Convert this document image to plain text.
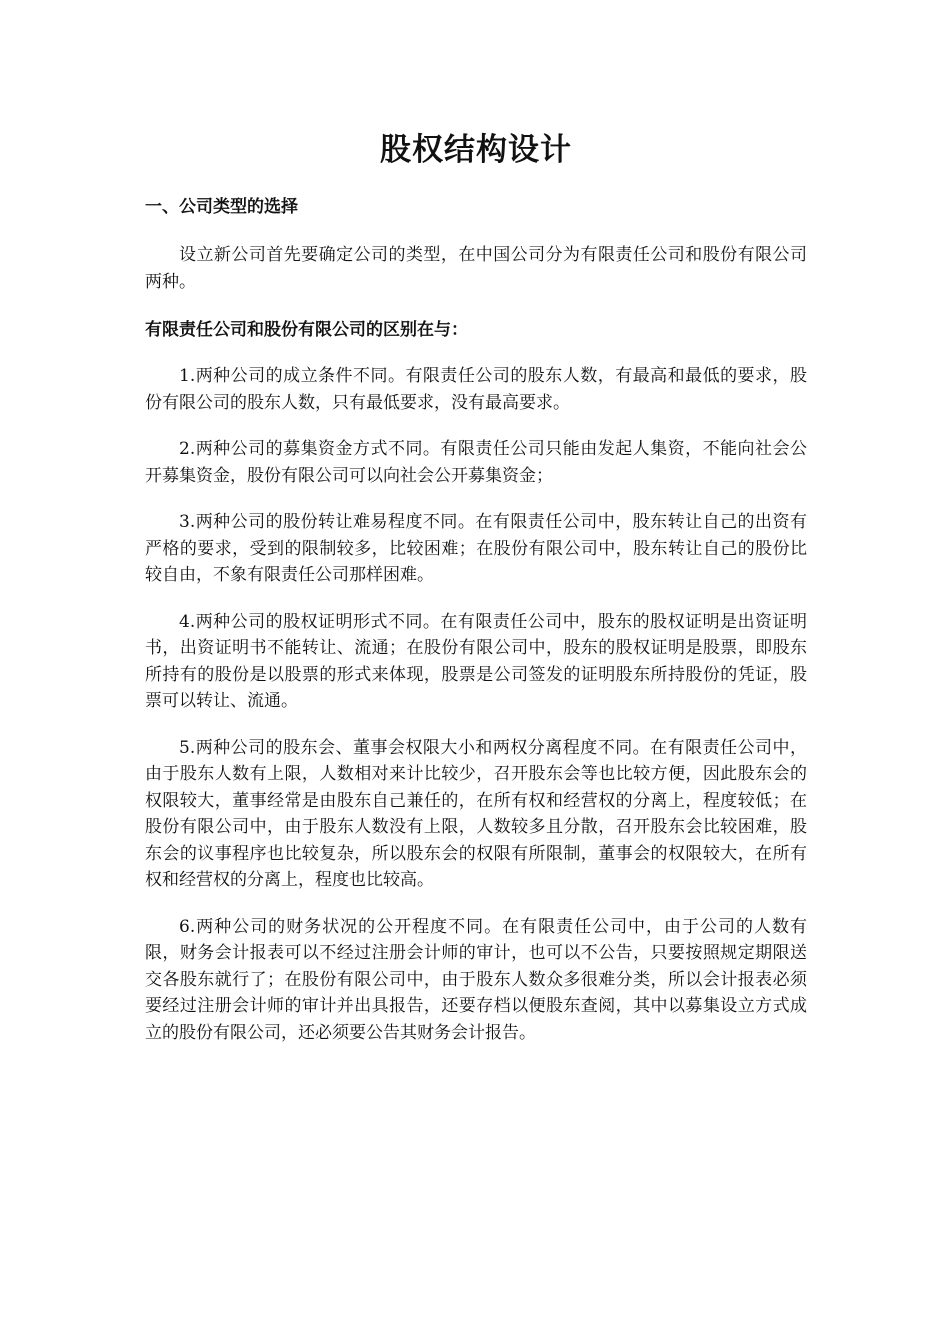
股权结构设计
一、公司类型的选择

设立新公司首先要确定公司的类型，在中国公司分为有限责任公司和股份有限公司两种。

有限责任公司和股份有限公司的区别在与：

1.两种公司的成立条件不同。有限责任公司的股东人数，有最高和最低的要求，股份有限公司的股东人数，只有最低要求，没有最高要求。

2.两种公司的募集资金方式不同。有限责任公司只能由发起人集资，不能向社会公开募集资金，股份有限公司可以向社会公开募集资金；

3.两种公司的股份转让难易程度不同。在有限责任公司中，股东转让自己的出资有严格的要求，受到的限制较多，比较困难；在股份有限公司中，股东转让自己的股份比较自由，不象有限责任公司那样困难。

4.两种公司的股权证明形式不同。在有限责任公司中，股东的股权证明是出资证明书，出资证明书不能转让、流通；在股份有限公司中，股东的股权证明是股票，即股东所持有的股份是以股票的形式来体现，股票是公司签发的证明股东所持股份的凭证，股票可以转让、流通。

5.两种公司的股东会、董事会权限大小和两权分离程度不同。在有限责任公司中，由于股东人数有上限，人数相对来计比较少，召开股东会等也比较方便，因此股东会的权限较大，董事经常是由股东自己兼任的，在所有权和经营权的分离上，程度较低；在股份有限公司中，由于股东人数没有上限，人数较多且分散，召开股东会比较困难，股东会的议事程序也比较复杂，所以股东会的权限有所限制，董事会的权限较大，在所有权和经营权的分离上，程度也比较高。

6.两种公司的财务状况的公开程度不同。在有限责任公司中，由于公司的人数有限，财务会计报表可以不经过注册会计师的审计，也可以不公告，只要按照规定期限送交各股东就行了；在股份有限公司中，由于股东人数众多很难分类，所以会计报表必须要经过注册会计师的审计并出具报告，还要存档以便股东查阅，其中以募集设立方式成立的股份有限公司，还必须要公告其财务会计报告。
